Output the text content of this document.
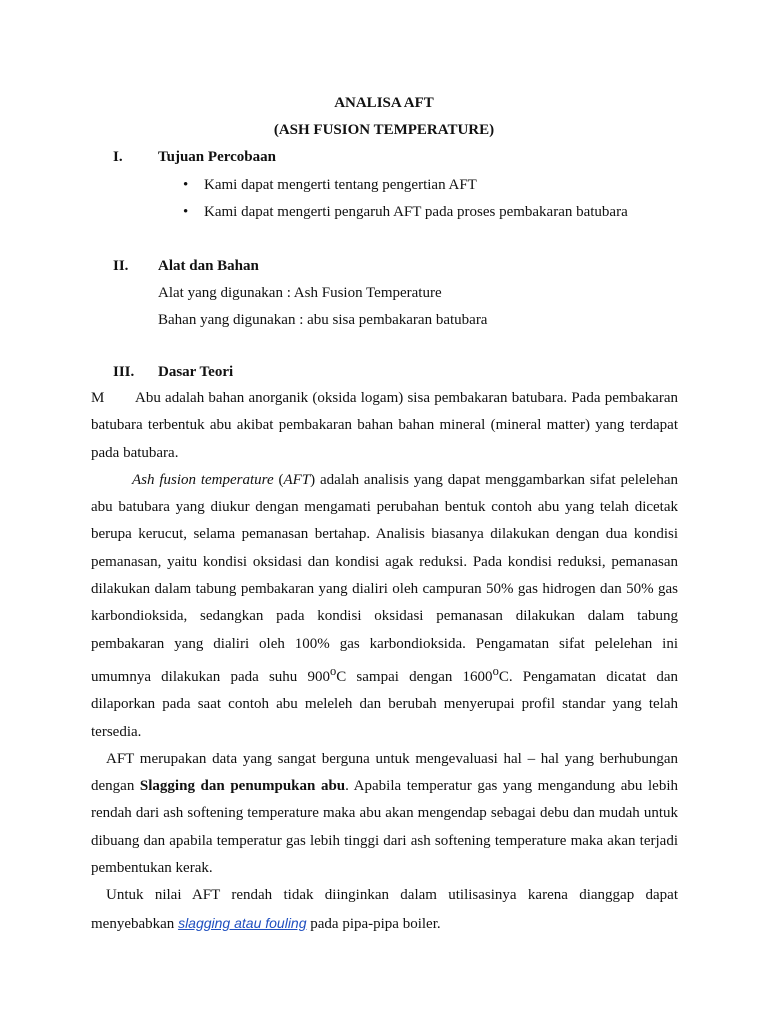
ANALISA AFT
(ASH FUSION TEMPERATURE)
I. Tujuan Percobaan
• Kami dapat mengerti tentang pengertian AFT
• Kami dapat mengerti pengaruh AFT pada proses pembakaran batubara
II. Alat dan Bahan
Alat yang digunakan : Ash Fusion Temperature
Bahan yang digunakan : abu sisa pembakaran batubara
III. Dasar Teori

M Abu adalah bahan anorganik (oksida logam) sisa pembakaran batubara. Pada pembakaran batubara terbentuk abu akibat pembakaran bahan bahan mineral (mineral matter) yang terdapat pada batubara.

Ash fusion temperature (AFT) adalah analisis yang dapat menggambarkan sifat pelelehan abu batubara yang diukur dengan mengamati perubahan bentuk contoh abu yang telah dicetak berupa kerucut, selama pemanasan bertahap. Analisis biasanya dilakukan dengan dua kondisi pemanasan, yaitu kondisi oksidasi dan kondisi agak reduksi. Pada kondisi reduksi, pemanasan dilakukan dalam tabung pembakaran yang dialiri oleh campuran 50% gas hidrogen dan 50% gas karbondioksida, sedangkan pada kondisi oksidasi pemanasan dilakukan dalam tabung pembakaran yang dialiri oleh 100% gas karbondioksida. Pengamatan sifat pelelehan ini umumnya dilakukan pada suhu 900$^o$C sampai dengan 1600$^o$C. Pengamatan dicatat dan dilaporkan pada saat contoh abu meleleh dan berubah menyerupai profil standar yang telah tersedia.

AFT merupakan data yang sangat berguna untuk mengevaluasi hal – hal yang berhubungan dengan Slagging dan penumpukan abu. Apabila temperatur gas yang mengandung abu lebih rendah dari ash softening temperature maka abu akan mengendap sebagai debu dan mudah untuk dibuang dan apabila temperatur gas lebih tinggi dari ash softening temperature maka akan terjadi pembentukan kerak.

Untuk nilai AFT rendah tidak diinginkan dalam utilisasinya karena dianggap dapat menyebabkan slagging atau fouling pada pipa-pipa boiler.
